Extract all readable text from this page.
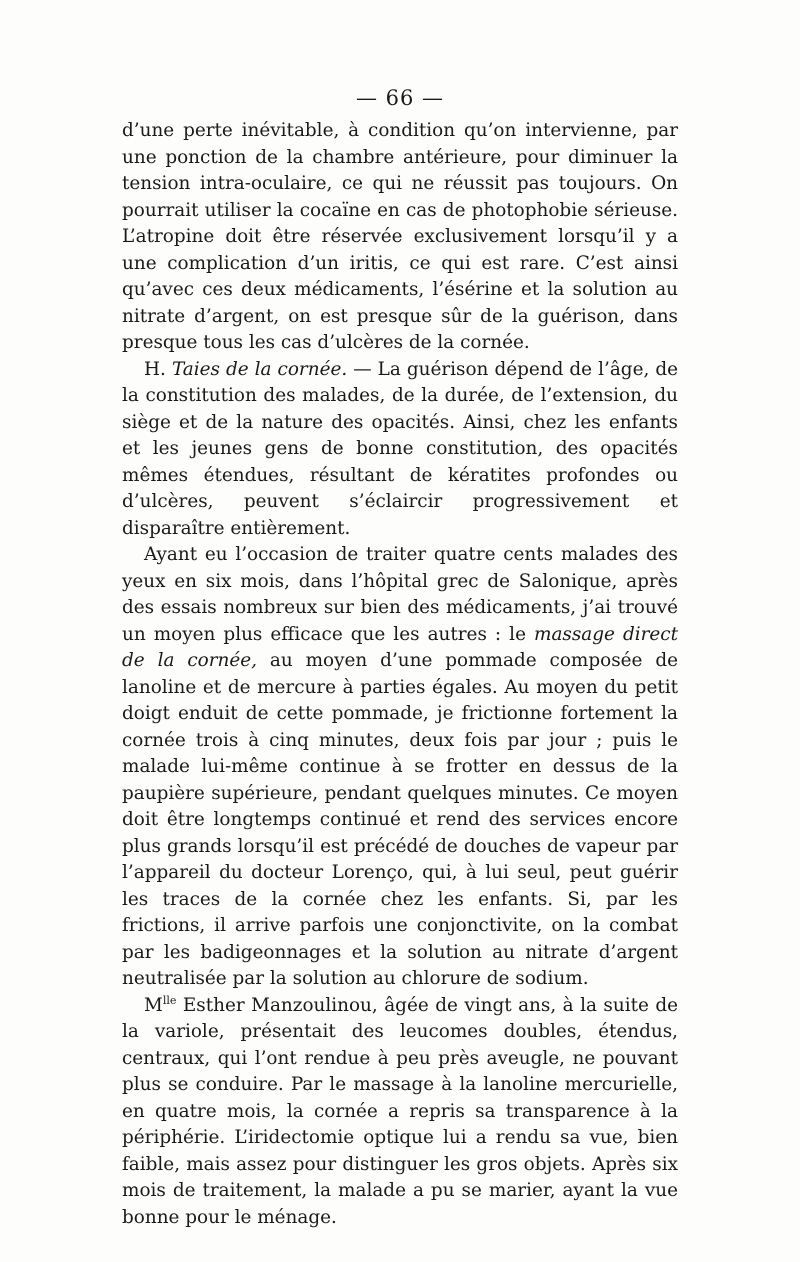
— 66 —

d’une perte inévitable, à condition qu’on intervienne, par une ponction de la chambre antérieure, pour diminuer la tension intra-oculaire, ce qui ne réussit pas toujours. On pourrait utiliser la cocaïne en cas de photophobie sérieuse. L’atropine doit être réservée exclusivement lorsqu’il y a une complication d’un iritis, ce qui est rare. C’est ainsi qu’avec ces deux médicaments, l’ésérine et la solution au nitrate d’argent, on est presque sûr de la guérison, dans presque tous les cas d’ulcères de la cornée.

H. Taies de la cornée. — La guérison dépend de l’âge, de la constitution des malades, de la durée, de l’extension, du siège et de la nature des opacités. Ainsi, chez les enfants et les jeunes gens de bonne constitution, des opacités mêmes étendues, résultant de kératites profondes ou d’ulcères, peuvent s’éclaircir progressivement et disparaître entièrement.

Ayant eu l’occasion de traiter quatre cents malades des yeux en six mois, dans l’hôpital grec de Salonique, après des essais nombreux sur bien des médicaments, j’ai trouvé un moyen plus efficace que les autres : le massage direct de la cornée, au moyen d’une pommade composée de lanoline et de mercure à parties égales. Au moyen du petit doigt enduit de cette pommade, je frictionne fortement la cornée trois à cinq minutes, deux fois par jour ; puis le malade lui-même continue à se frotter en dessus de la paupière supérieure, pendant quelques minutes. Ce moyen doit être longtemps continué et rend des services encore plus grands lorsqu’il est précédé de douches de vapeur par l’appareil du docteur Lorenço, qui, à lui seul, peut guérir les traces de la cornée chez les enfants. Si, par les frictions, il arrive parfois une conjonctivite, on la combat par les badigeonnages et la solution au nitrate d’argent neutralisée par la solution au chlorure de sodium.

$M^{lle}$ Esther Manzoulinou, âgée de vingt ans, à la suite de la variole, présentait des leucomes doubles, étendus, centraux, qui l’ont rendue à peu près aveugle, ne pouvant plus se conduire. Par le massage à la lanoline mercurielle, en quatre mois, la cornée a repris sa transparence à la périphérie. L’iridectomie optique lui a rendu sa vue, bien faible, mais assez pour distinguer les gros objets. Après six mois de traitement, la malade a pu se marier, ayant la vue bonne pour le ménage.
